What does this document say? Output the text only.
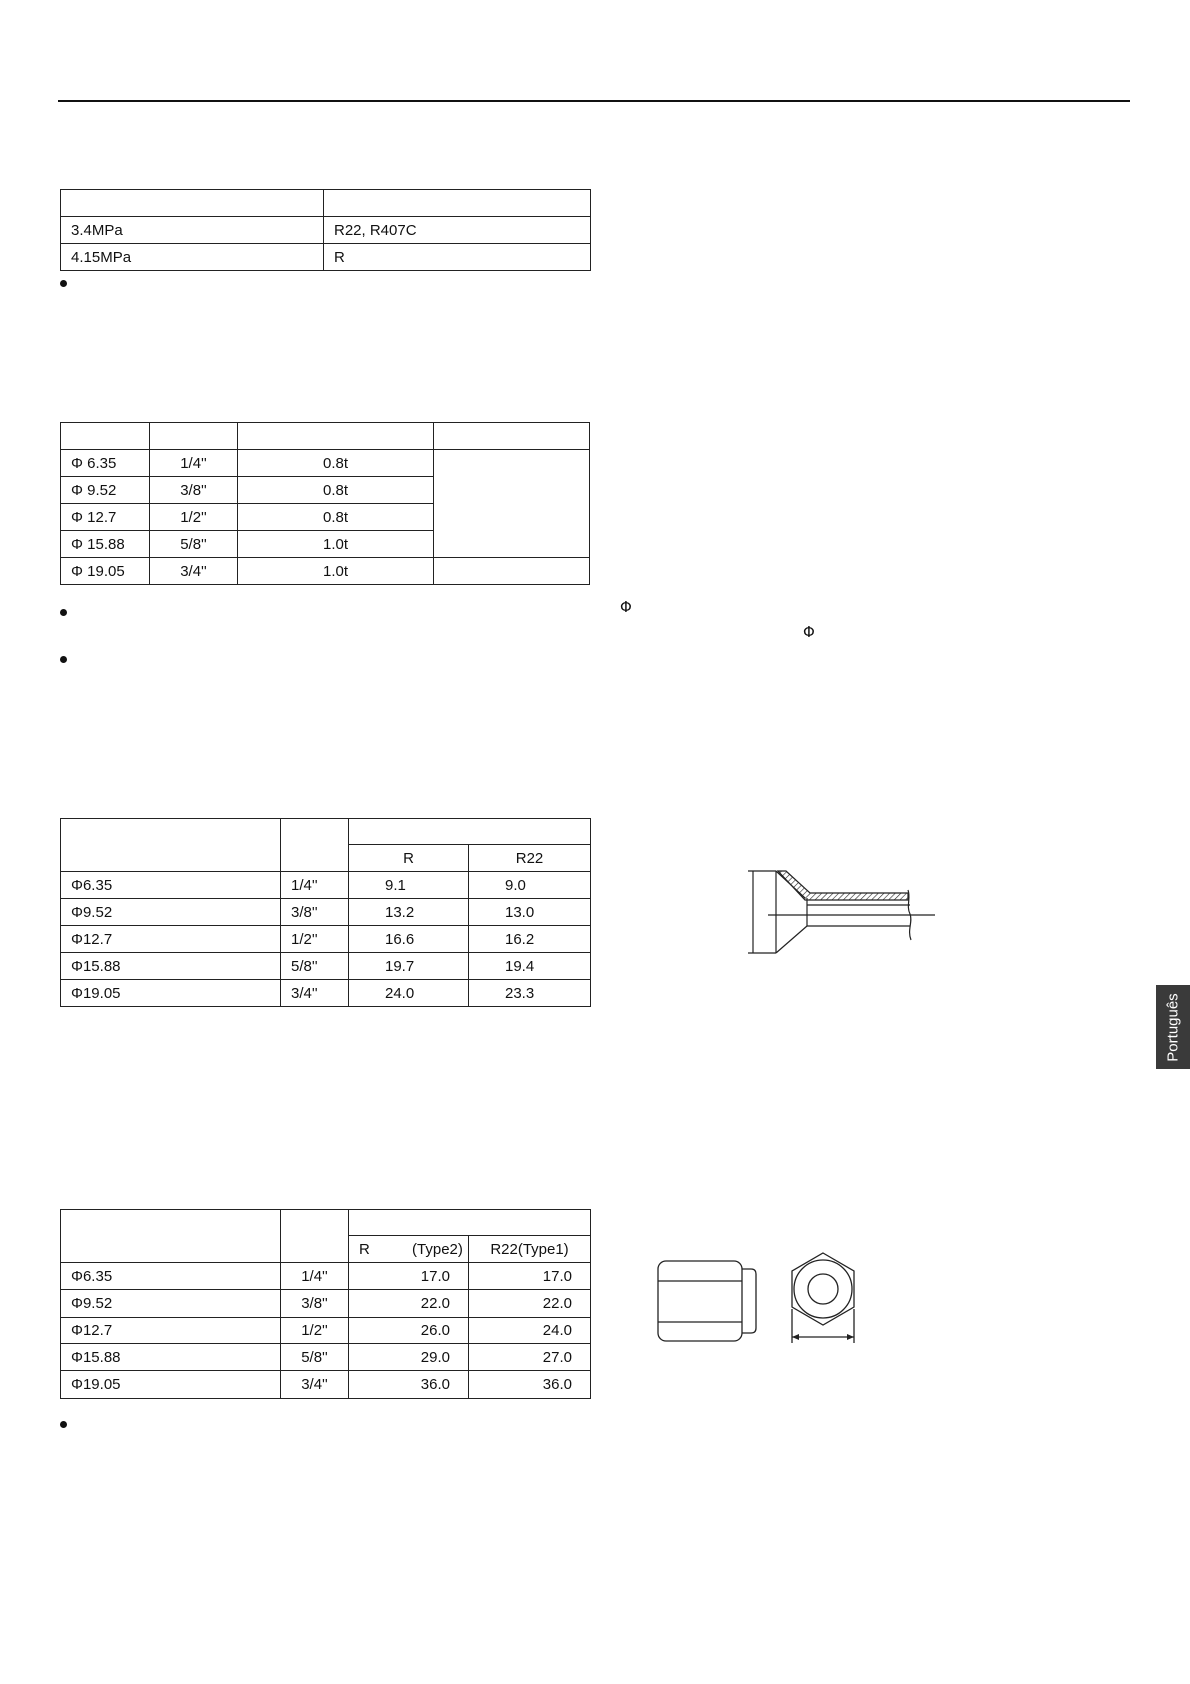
3.4MPa	R22, R407C
4.15MPa	R

Φ 6.35	1/4''	0.8t	
Φ 9.52	3/8''	0.8t	
Φ 12.7	1/2''	0.8t	
Φ 15.88	5/8''	1.0t	
Φ 19.05	3/4''	1.0t	
Φ
Φ

		R	R22
Φ6.35	1/4''	9.1	9.0
Φ9.52	3/8''	13.2	13.0
Φ12.7	1/2''	16.6	16.2
Φ15.88	5/8''	19.7	19.4
Φ19.05	3/4''	24.0	23.3

		R (Type2)	R22(Type1)
Φ6.35	1/4''	17.0	17.0
Φ9.52	3/8''	22.0	22.0
Φ12.7	1/2''	26.0	24.0
Φ15.88	5/8''	29.0	27.0
Φ19.05	3/4''	36.0	36.0
Português
